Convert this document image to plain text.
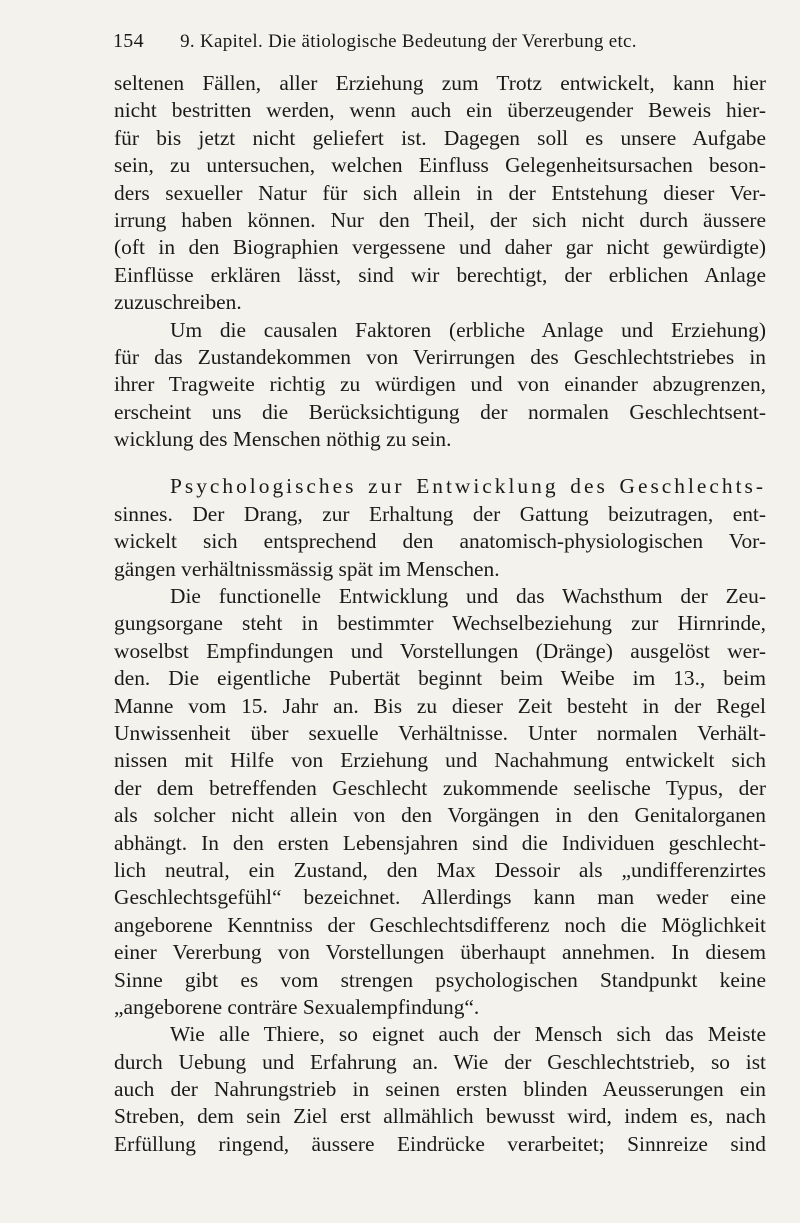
154 9. Kapitel. Die ätiologische Bedeutung der Vererbung etc.
seltenen Fällen, aller Erziehung zum Trotz entwickelt, kann hier
nicht bestritten werden, wenn auch ein überzeugender Beweis hier-
für bis jetzt nicht geliefert ist. Dagegen soll es unsere Aufgabe
sein, zu untersuchen, welchen Einfluss Gelegenheitsursachen beson-
ders sexueller Natur für sich allein in der Entstehung dieser Ver-
irrung haben können. Nur den Theil, der sich nicht durch äussere
(oft in den Biographien vergessene und daher gar nicht gewürdigte)
Einflüsse erklären lässt, sind wir berechtigt, der erblichen Anlage
zuzuschreiben.
Um die causalen Faktoren (erbliche Anlage und Erziehung)
für das Zustandekommen von Verirrungen des Geschlechtstriebes in
ihrer Tragweite richtig zu würdigen und von einander abzugrenzen,
erscheint uns die Berücksichtigung der normalen Geschlechtsent-
wicklung des Menschen nöthig zu sein.
Psychologisches zur Entwicklung des Geschlechts-
sinnes. Der Drang, zur Erhaltung der Gattung beizutragen, ent-
wickelt sich entsprechend den anatomisch-physiologischen Vor-
gängen verhältnissmässig spät im Menschen.
Die functionelle Entwicklung und das Wachsthum der Zeu-
gungsorgane steht in bestimmter Wechselbeziehung zur Hirnrinde,
woselbst Empfindungen und Vorstellungen (Dränge) ausgelöst wer-
den. Die eigentliche Pubertät beginnt beim Weibe im 13., beim
Manne vom 15. Jahr an. Bis zu dieser Zeit besteht in der Regel
Unwissenheit über sexuelle Verhältnisse. Unter normalen Verhält-
nissen mit Hilfe von Erziehung und Nachahmung entwickelt sich
der dem betreffenden Geschlecht zukommende seelische Typus, der
als solcher nicht allein von den Vorgängen in den Genitalorganen
abhängt. In den ersten Lebensjahren sind die Individuen geschlecht-
lich neutral, ein Zustand, den Max Dessoir als „undifferenzirtes
Geschlechtsgefühl“ bezeichnet. Allerdings kann man weder eine
angeborene Kenntniss der Geschlechtsdifferenz noch die Möglichkeit
einer Vererbung von Vorstellungen überhaupt annehmen. In diesem
Sinne gibt es vom strengen psychologischen Standpunkt keine
„angeborene conträre Sexualempfindung“.
Wie alle Thiere, so eignet auch der Mensch sich das Meiste
durch Uebung und Erfahrung an. Wie der Geschlechtstrieb, so ist
auch der Nahrungstrieb in seinen ersten blinden Aeusserungen ein
Streben, dem sein Ziel erst allmählich bewusst wird, indem es, nach
Erfüllung ringend, äussere Eindrücke verarbeitet; Sinnreize sind
